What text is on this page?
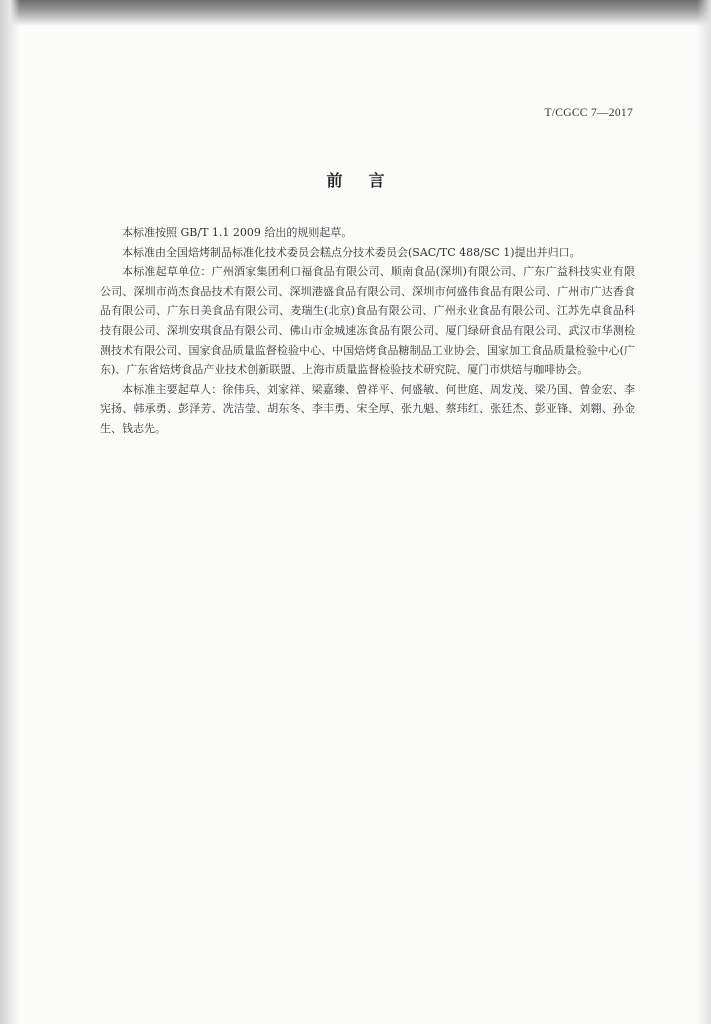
T/CGCC 7—2017
前言

本标准按照 GB/T 1.1 2009 给出的规则起草。

本标准由全国焙烤制品标准化技术委员会糕点分技术委员会(SAC/TC 488/SC 1)提出并归口。

本标准起草单位：广州酒家集团利口福食品有限公司、顺南食品(深圳)有限公司、广东广益科技实业有限公司、深圳市尚杰食品技术有限公司、深圳港盛食品有限公司、深圳市何盛伟食品有限公司、广州市广达香食品有限公司、广东日美食品有限公司、麦瑞生(北京)食品有限公司、广州永业食品有限公司、江苏先卓食品科技有限公司、深圳安琪食品有限公司、佛山市金城速冻食品有限公司、厦门绿研食品有限公司、武汉市华测检测技术有限公司、国家食品质量监督检验中心、中国焙烤食品糖制品工业协会、国家加工食品质量检验中心(广东)、广东省焙烤食品产业技术创新联盟、上海市质量监督检验技术研究院、厦门市烘焙与咖啡协会。

本标准主要起草人：徐伟兵、刘家祥、梁嘉臻、曾祥平、何盛敏、何世庭、周发茂、梁乃国、曾金宏、李宪扬、韩承勇、彭泽芳、冼洁莹、胡东冬、李丰勇、宋全厚、张九魁、蔡玮红、张廷杰、彭亚锋、刘翱、孙金生、钱志先。
